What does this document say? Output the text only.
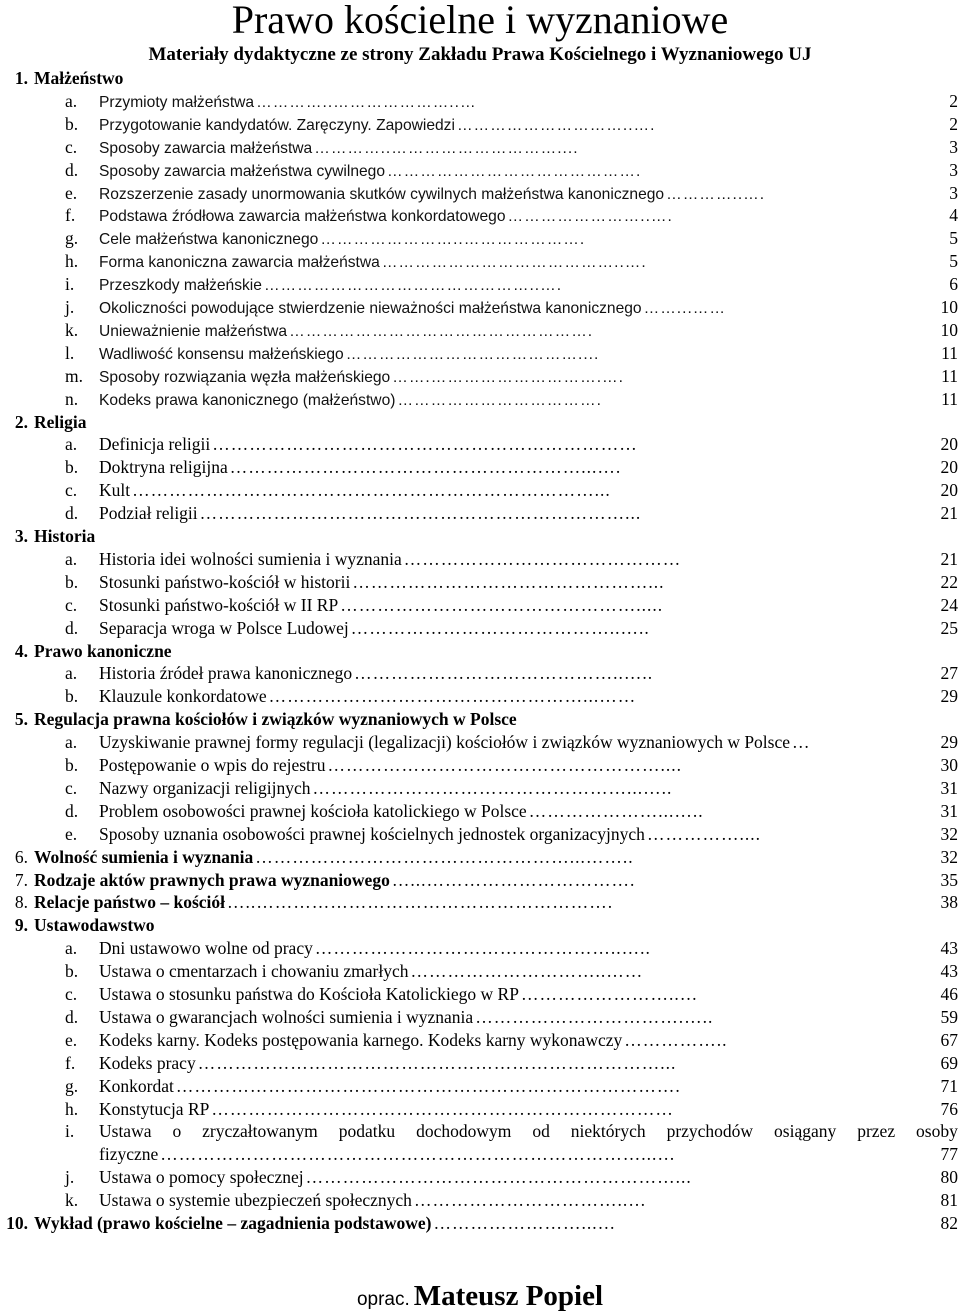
Prawo kościelne i wyznaniowe
Materiały dydaktyczne ze strony Zakładu Prawa Kościelnego i Wyznaniowego UJ
1. Małżeństwo
a.	Przymioty małżeństwa …………..…………………..…	2
b.	Przygotowanie kandydatów. Zaręczyny. Zapowiedzi …………………………..….	2
c.	Sposoby zawarcia małżeństwa …………..…………………………....	3
d.	Sposoby zawarcia małżeństwa cywilnego ……………………………………….	3
e.	Rozszerzenie zasady unormowania skutków cywilnych małżeństwa kanonicznego …………..….	3
f.	Podstawa źródłowa zawarcia małżeństwa konkordatowego ……………………..….	4
g.	Cele małżeństwa kanonicznego ……………………..………………….	5
h.	Forma kanoniczna zawarcia małżeństwa ……………………………………..….	5
i.	Przeszkody małżeńskie …………………………………………..….	6
j.	Okoliczności powodujące stwierdzenie nieważności małżeństwa kanonicznego ……...……	10
k.	Unieważnienie małżeństwa ……………………………………………….	10
l.	Wadliwość konsensu małżeńskiego ……………………………………....	11
m.	Sposoby rozwiązania węzła małżeńskiego …….………………………….….	11
n.	Kodeks prawa kanonicznego (małżeństwo) ……………………………….	11
2. Religia
a.	Definicja religii ……………………………………………………………	20
b.	Doktryna religijna …………………………………………………...….	20
c.	Kult …………………………………………………………………...	20
d.	Podział religii ……………………………………………………………...	21
3. Historia
a.	Historia idei wolności sumienia i wyznania ………………………………………	21
b.	Stosunki państwo-kościół w historii …………………………………………...	22
c.	Stosunki państwo-kościół w II RP ………………………………………….....	24
d.	Separacja wroga w Polsce Ludowej ……………………………………..…..	25
4. Prawo kanoniczne
a.	Historia źródeł prawa kanonicznego ……………………………………..…..	27
b.	Klauzule konkordatowe ……………………………………………...……	29
5. Regulacja prawna kościołów i związków wyznaniowych w Polsce
a.	Uzyskiwanie prawnej formy regulacji (legalizacji) kościołów i związków wyznaniowych w Polsce …	29
b.	Postępowanie o wpis do rejestru ………………………………………………....	30
c.	Nazwy organizacji religijnych ……………………………………………...…..	31
d.	Problem osobowości prawnej kościoła katolickiego w Polsce …………………...…..	31
e.	Sposoby uznania osobowości prawnej kościelnych jednostek organizacyjnych ……………....	32
6. Wolność sumienia i wyznania ……………………………………………...……..	32
7. Rodzaje aktów prawnych prawa wyznaniowego …...…………………………….	35
8. Relacje państwo – kościół …..………………………………………………….	38
9. Ustawodawstwo
a.	Dni ustawowo wolne od pracy …………………………………………..…..	43
b.	Ustawa o cmentarzach i chowaniu zmarłych …………………………..……	43
c.	Ustawa o stosunku państwa do Kościoła Katolickiego w RP ……………………..…	46
d.	Ustawa o gwarancjach wolności sumienia i wyznania …………………………….…..	59
e.	Kodeks karny. Kodeks postępowania karnego. Kodeks karny wykonawczy ……………..	67
f.	Kodeks pracy …………………………………………………………………...	69
g.	Konkordat ……………………………………………………………………….	71
h.	Konstytucja RP …………………………………………………………………	76
i.	Ustawa o zryczałtowanym podatku dochodowym od niektórych przychodów osiągany przez osoby
fizyczne ……………………………………………………………………...…	77
j.	Ustawa o pomocy społecznej ……………………………………………………...	80
k.	Ustawa o systemie ubezpieczeń społecznych ……………………………..…	81
10. Wykład (prawo kościelne – zagadnienia podstawowe) ……………………...…	82
oprac. Mateusz Popiel
